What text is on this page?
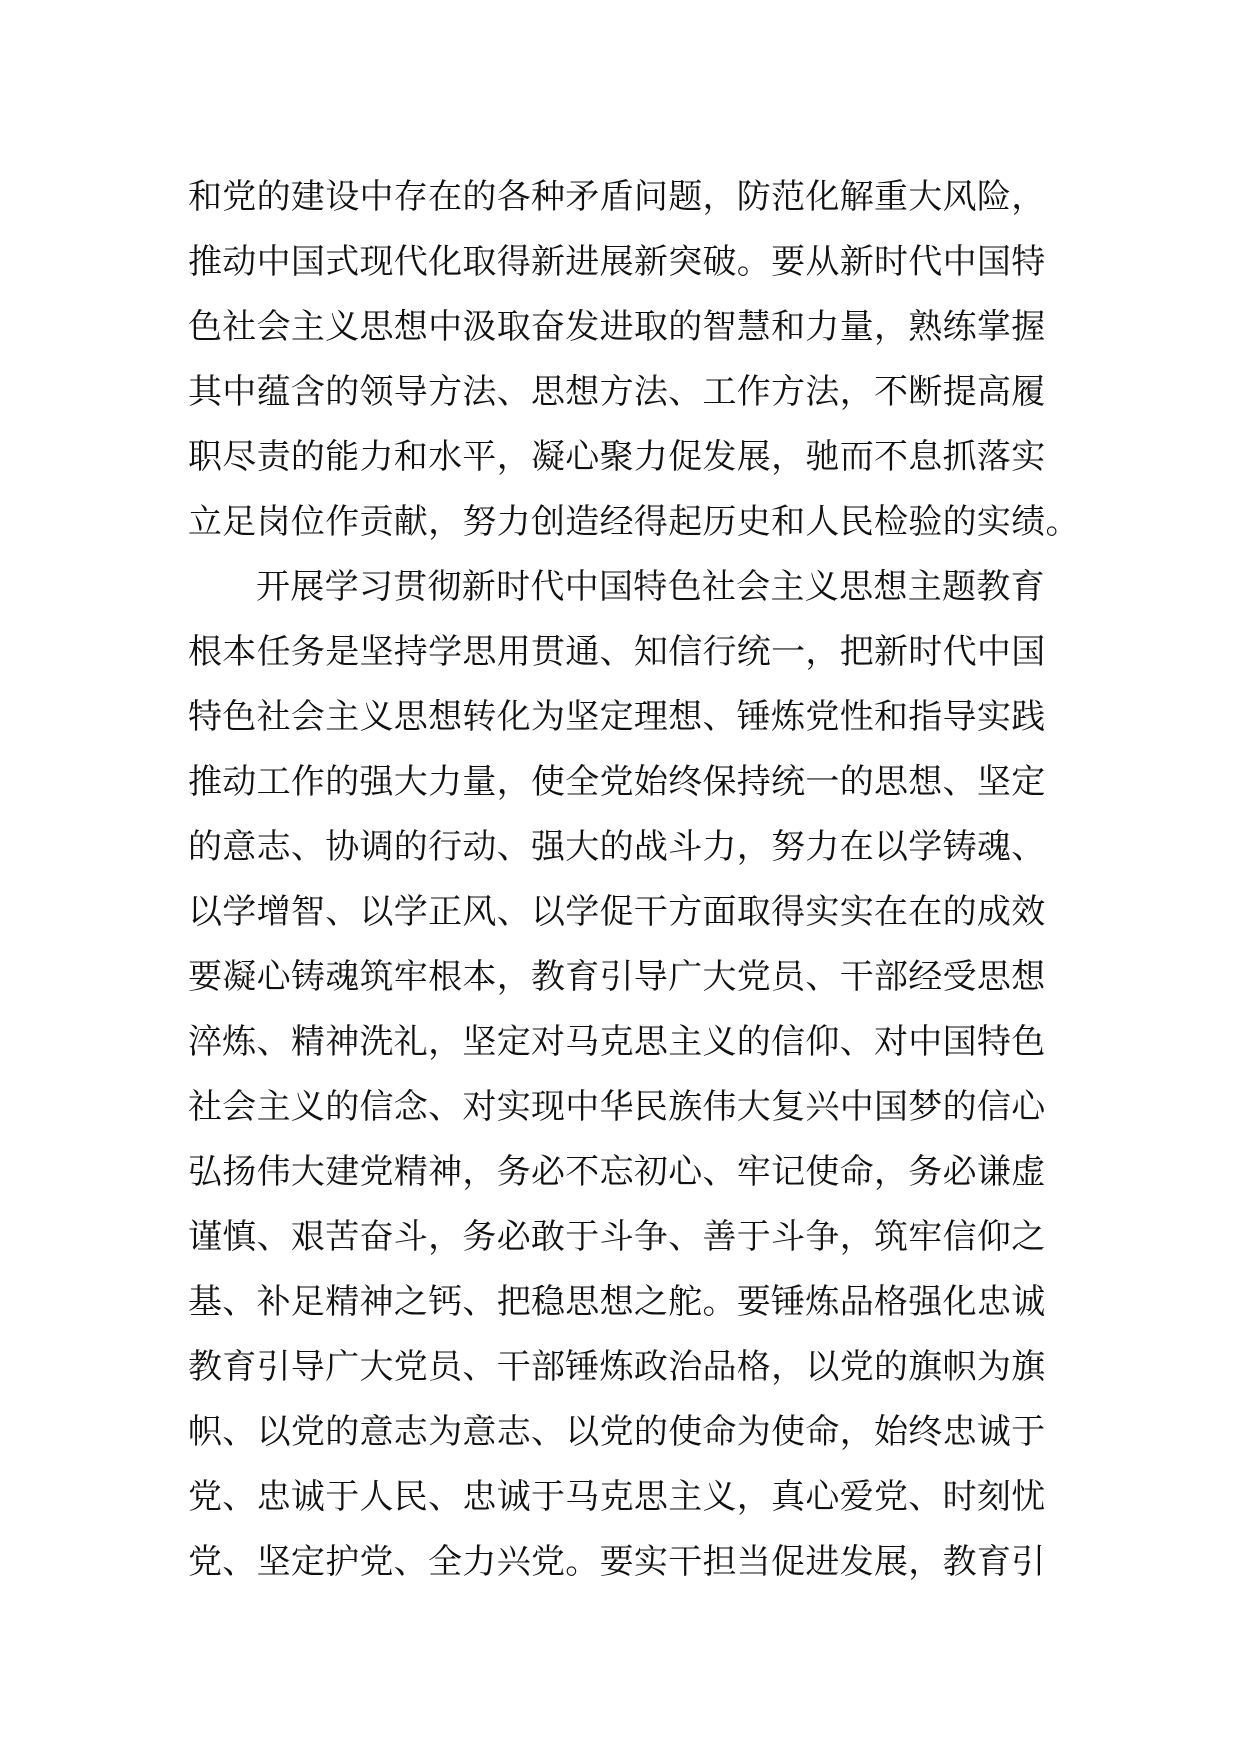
和党的建设中存在的各种矛盾问题，防范化解重大风险，
推动中国式现代化取得新进展新突破。要从新时代中国特
色社会主义思想中汲取奋发进取的智慧和力量，熟练掌握
其中蕴含的领导方法、思想方法、工作方法，不断提高履
职尽责的能力和水平，凝心聚力促发展，驰而不息抓落实
立足岗位作贡献，努力创造经得起历史和人民检验的实绩。
开展学习贯彻新时代中国特色社会主义思想主题教育
根本任务是坚持学思用贯通、知信行统一，把新时代中国
特色社会主义思想转化为坚定理想、锤炼党性和指导实践
推动工作的强大力量，使全党始终保持统一的思想、坚定
的意志、协调的行动、强大的战斗力，努力在以学铸魂、
以学增智、以学正风、以学促干方面取得实实在在的成效
要凝心铸魂筑牢根本，教育引导广大党员、干部经受思想
淬炼、精神洗礼，坚定对马克思主义的信仰、对中国特色
社会主义的信念、对实现中华民族伟大复兴中国梦的信心
弘扬伟大建党精神，务必不忘初心、牢记使命，务必谦虚
谨慎、艰苦奋斗，务必敢于斗争、善于斗争，筑牢信仰之
基、补足精神之钙、把稳思想之舵。要锤炼品格强化忠诚
教育引导广大党员、干部锤炼政治品格，以党的旗帜为旗
帜、以党的意志为意志、以党的使命为使命，始终忠诚于
党、忠诚于人民、忠诚于马克思主义，真心爱党、时刻忧
党、坚定护党、全力兴党。要实干担当促进发展，教育引
